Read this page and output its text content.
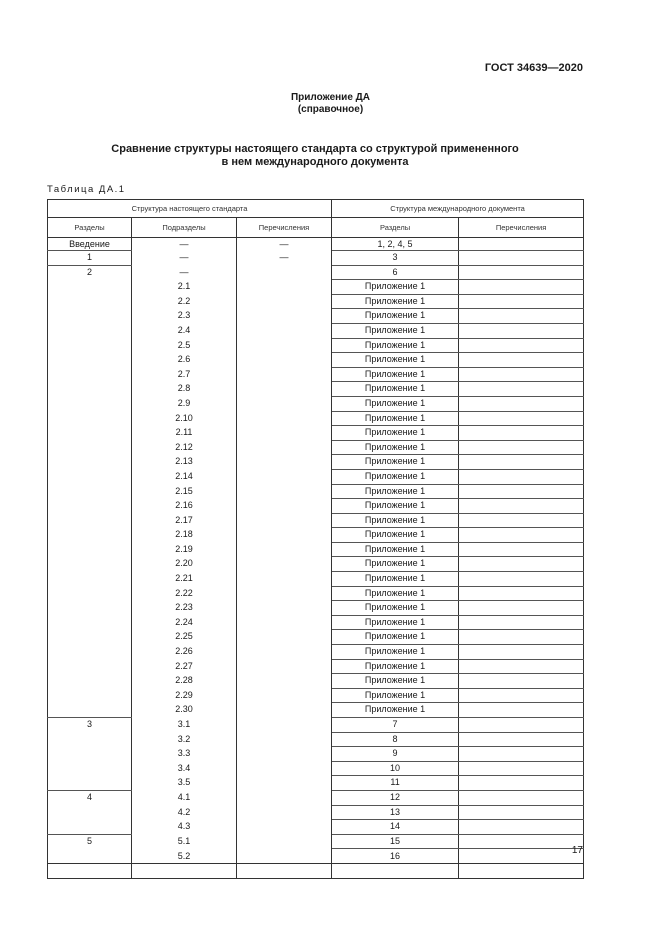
ГОСТ 34639—2020
Приложение ДА
(справочное)
Сравнение структуры настоящего стандарта со структурой примененного
в нем международного документа
Таблица ДА.1
Структура настоящего стандарта			Структура международного документа	
Разделы	Подразделы	Перечисления	Разделы	Перечисления
Введение	—	—	1, 2, 4, 5	
1	—	—	3	
2	—		6	
	2.1		Приложение 1	
	2.2		Приложение 1	
	2.3		Приложение 1	
	2.4		Приложение 1	
	2.5		Приложение 1	
	2.6		Приложение 1	
	2.7		Приложение 1	
	2.8		Приложение 1	
	2.9		Приложение 1	
	2.10		Приложение 1	
	2.11		Приложение 1	
	2.12		Приложение 1	
	2.13		Приложение 1	
	2.14		Приложение 1	
	2.15		Приложение 1	
	2.16		Приложение 1	
	2.17		Приложение 1	
	2.18		Приложение 1	
	2.19		Приложение 1	
	2.20		Приложение 1	
	2.21		Приложение 1	
	2.22		Приложение 1	
	2.23		Приложение 1	
	2.24		Приложение 1	
	2.25		Приложение 1	
	2.26		Приложение 1	
	2.27		Приложение 1	
	2.28		Приложение 1	
	2.29		Приложение 1	
	2.30		Приложение 1	
3	3.1		7	
	3.2		8	
	3.3		9	
	3.4		10	
	3.5		11	
4	4.1		12	
	4.2		13	
	4.3		14	
5	5.1		15	
	5.2		16	

17
